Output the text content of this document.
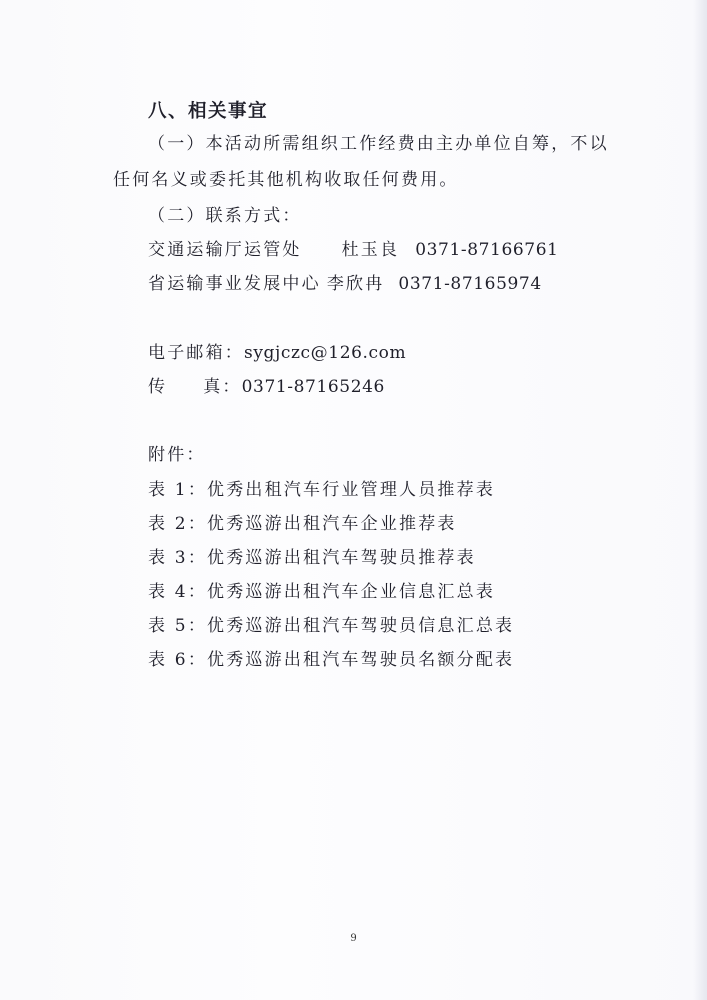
八、相关事宜
（一）本活动所需组织工作经费由主办单位自筹，不以
任何名义或委托其他机构收取任何费用。
（二）联系方式：
交通运输厅运管处 杜玉良 0371-87166761
省运输事业发展中心 李欣冉 0371-87165974
电子邮箱：sygjczc@126.com
传 真：0371-87165246
附件：
表 1：优秀出租汽车行业管理人员推荐表
表 2：优秀巡游出租汽车企业推荐表
表 3：优秀巡游出租汽车驾驶员推荐表
表 4：优秀巡游出租汽车企业信息汇总表
表 5：优秀巡游出租汽车驾驶员信息汇总表
表 6：优秀巡游出租汽车驾驶员名额分配表
9
